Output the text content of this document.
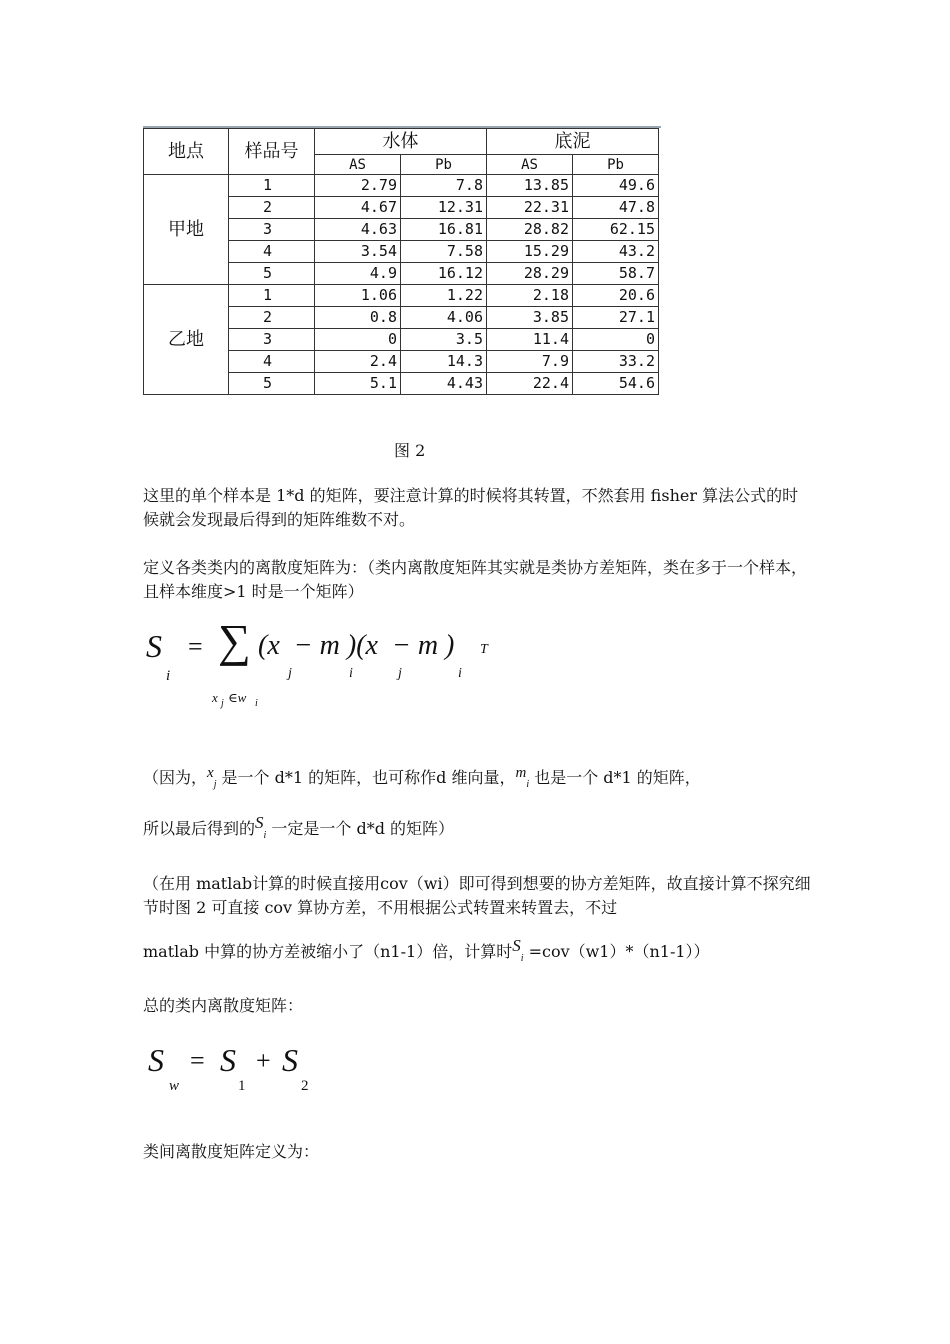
地点	样品号	水体		底泥	
		AS	Pb	AS	Pb
甲地	1	2.79	7.8	13.85	49.6
	2	4.67	12.31	22.31	47.8
	3	4.63	16.81	28.82	62.15
	4	3.54	7.58	15.29	43.2
	5	4.9	16.12	28.29	58.7
乙地	1	1.06	1.22	2.18	20.6
	2	0.8	4.06	3.85	27.1
	3	0	3.5	11.4	0
	4	2.4	14.3	7.9	33.2
	5	5.1	4.43	22.4	54.6
图 2
这里的单个样本是 1*d 的矩阵，要注意计算的时候将其转置，不然套用 fisher 算法公式的时候就会发现最后得到的矩阵维数不对。
定义各类类内的离散度矩阵为：（类内离散度矩阵其实就是类协方差矩阵，类在多于一个样本，且样本维度>1 时是一个矩阵）
S
i
= ∑ (x  − m )(x  − m ) T
j	i	j	i
x j ∈w i
（因为，$x_j$ 是一个 d*1 的矩阵，也可称作d 维向量，$m_i$ 也是一个 d*1 的矩阵，
所以最后得到的$S_i$ 一定是一个 d*d 的矩阵）
（在用 matlab计算的时候直接用cov（wi）即可得到想要的协方差矩阵，故直接计算不探究细节时图 2 可直接 cov 算协方差，不用根据公式转置来转置去，不过
matlab 中算的协方差被缩小了（n1-1）倍，计算时$S_i =cov(w1)*(n1-1)$）
总的类内离散度矩阵：
S
w
= S
1
+ S
2
类间离散度矩阵定义为：
